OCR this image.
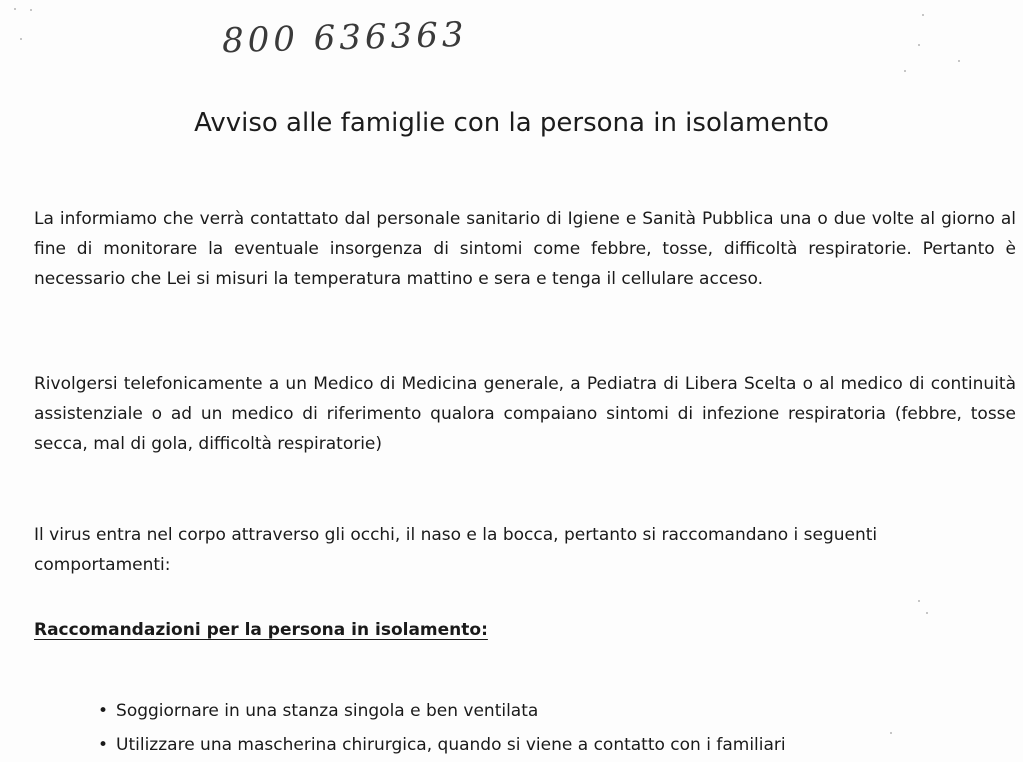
800 636363
Avviso alle famiglie con la persona in isolamento

La informiamo che verrà contattato dal personale sanitario di Igiene e Sanità Pubblica una o due volte al giorno al fine di monitorare la eventuale insorgenza di sintomi come febbre, tosse, difficoltà respiratorie. Pertanto è necessario che Lei si misuri la temperatura mattino e sera e tenga il cellulare acceso.

Rivolgersi telefonicamente a un Medico di Medicina generale, a Pediatra di Libera Scelta o al medico di continuità assistenziale o ad un medico di riferimento qualora compaiano sintomi di infezione respiratoria (febbre, tosse secca, mal di gola, difficoltà respiratorie)

Il virus entra nel corpo attraverso gli occhi, il naso e la bocca, pertanto si raccomandano i seguenti comportamenti:

Raccomandazioni per la persona in isolamento:
• Soggiornare in una stanza singola e ben ventilata
• Utilizzare una mascherina chirurgica, quando si viene a contatto con i familiari
